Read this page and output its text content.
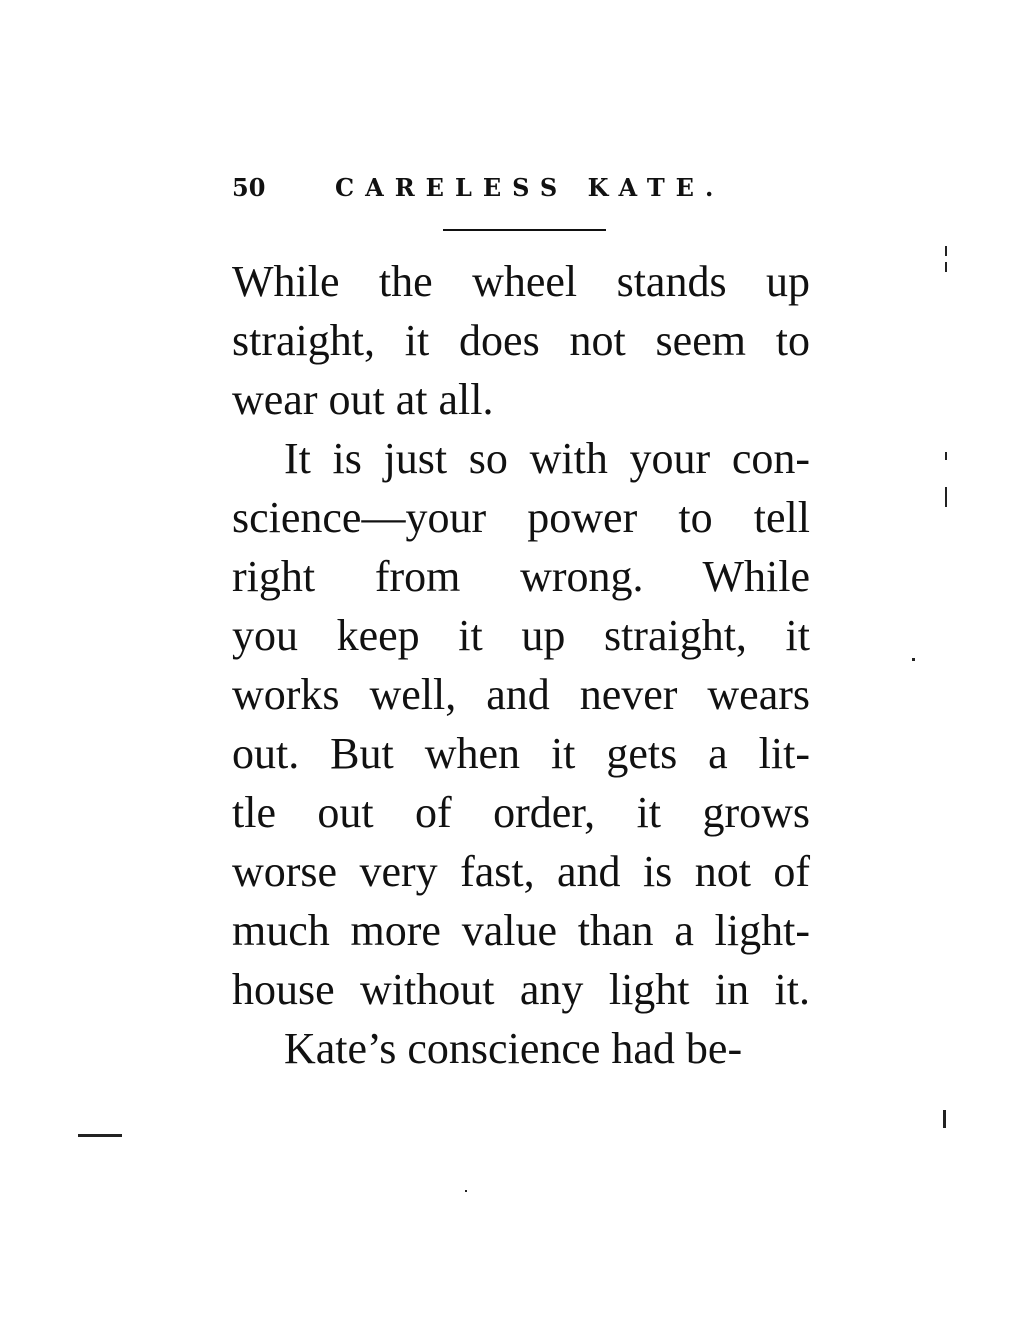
50	CARELESS KATE.
While the wheel stands up
straight, it does not seem to
wear out at all.
It is just so with your con-
science—your power to tell
right from wrong. While
you keep it up straight, it
works well, and never wears
out. But when it gets a lit-
tle out of order, it grows
worse very fast, and is not of
much more value than a light-
house without any light in it.
Kate’s conscience had be-
